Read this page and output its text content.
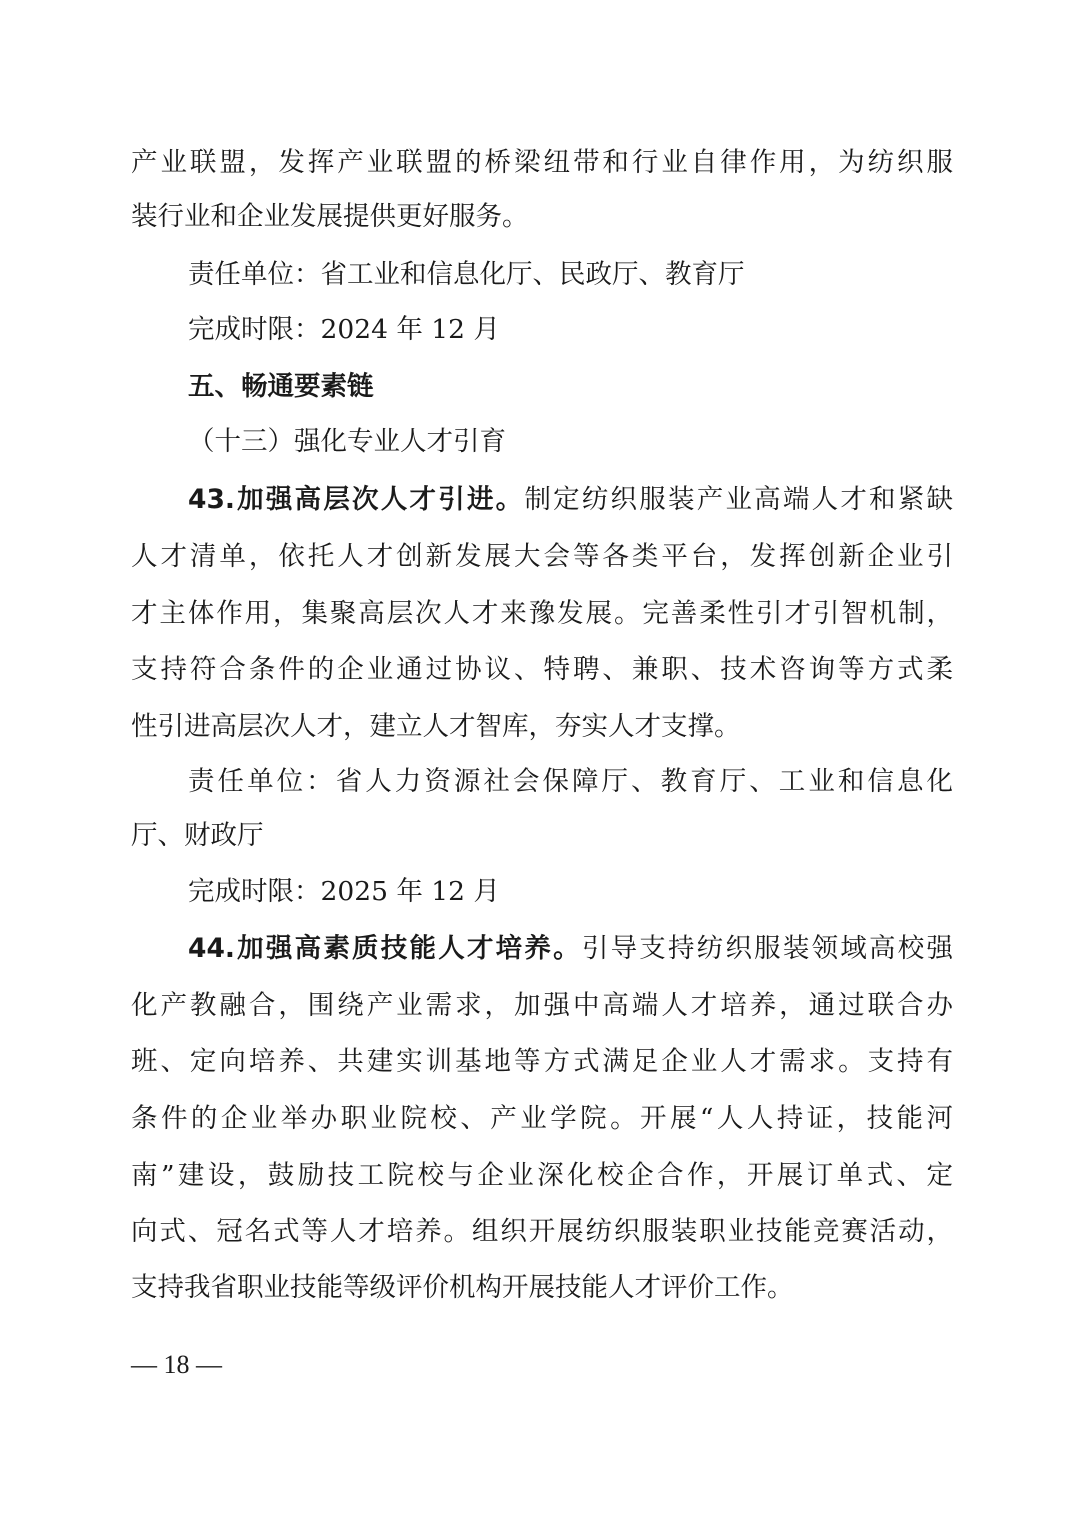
产业联盟，发挥产业联盟的桥梁纽带和行业自律作用，为纺织服
装行业和企业发展提供更好服务。
责任单位：省工业和信息化厅、民政厅、教育厅
完成时限：2024 年 12 月
五、畅通要素链
（十三）强化专业人才引育
43.加强高层次人才引进。制定纺织服装产业高端人才和紧缺
人才清单，依托人才创新发展大会等各类平台，发挥创新企业引
才主体作用，集聚高层次人才来豫发展。完善柔性引才引智机制，
支持符合条件的企业通过协议、特聘、兼职、技术咨询等方式柔
性引进高层次人才，建立人才智库，夯实人才支撑。
责任单位：省人力资源社会保障厅、教育厅、工业和信息化
厅、财政厅
完成时限：2025 年 12 月
44.加强高素质技能人才培养。引导支持纺织服装领域高校强
化产教融合，围绕产业需求，加强中高端人才培养，通过联合办
班、定向培养、共建实训基地等方式满足企业人才需求。支持有
条件的企业举办职业院校、产业学院。开展“人人持证，技能河
南”建设，鼓励技工院校与企业深化校企合作，开展订单式、定
向式、冠名式等人才培养。组织开展纺织服装职业技能竞赛活动，
支持我省职业技能等级评价机构开展技能人才评价工作。
— 18 —
